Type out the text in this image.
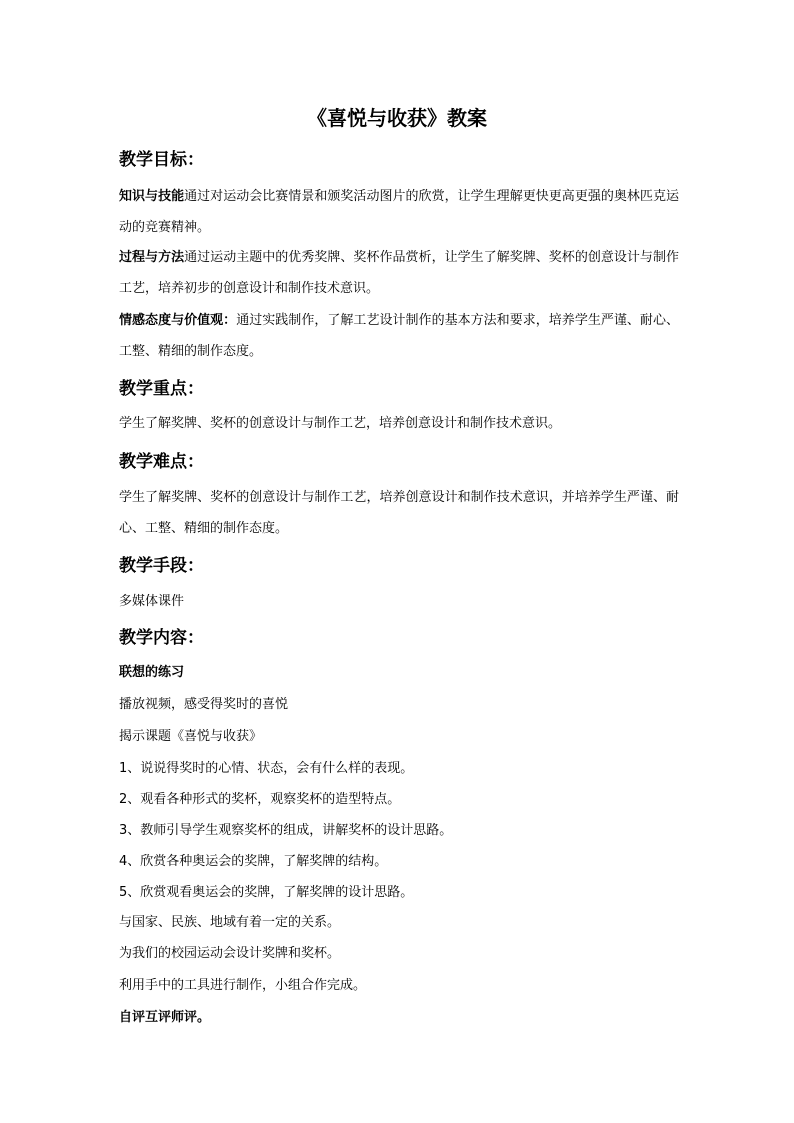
《喜悦与收获》教案
教学目标：
知识与技能通过对运动会比赛情景和颁奖活动图片的欣赏，让学生理解更快更高更强的奥林匹克运动的竞赛精神。
过程与方法通过运动主题中的优秀奖牌、奖杯作品赏析，让学生了解奖牌、奖杯的创意设计与制作工艺，培养初步的创意设计和制作技术意识。
情感态度与价值观：通过实践制作，了解工艺设计制作的基本方法和要求，培养学生严谨、耐心、工整、精细的制作态度。
教学重点：
学生了解奖牌、奖杯的创意设计与制作工艺，培养创意设计和制作技术意识。
教学难点：
学生了解奖牌、奖杯的创意设计与制作工艺，培养创意设计和制作技术意识，并培养学生严谨、耐心、工整、精细的制作态度。
教学手段：
多媒体课件
教学内容：
联想的练习
播放视频，感受得奖时的喜悦
揭示课题《喜悦与收获》
1、说说得奖时的心情、状态，会有什么样的表现。
2、观看各种形式的奖杯，观察奖杯的造型特点。
3、教师引导学生观察奖杯的组成，讲解奖杯的设计思路。
4、欣赏各种奥运会的奖牌，了解奖牌的结构。
5、欣赏观看奥运会的奖牌，了解奖牌的设计思路。
与国家、民族、地域有着一定的关系。
为我们的校园运动会设计奖牌和奖杯。
利用手中的工具进行制作，小组合作完成。
自评互评师评。
